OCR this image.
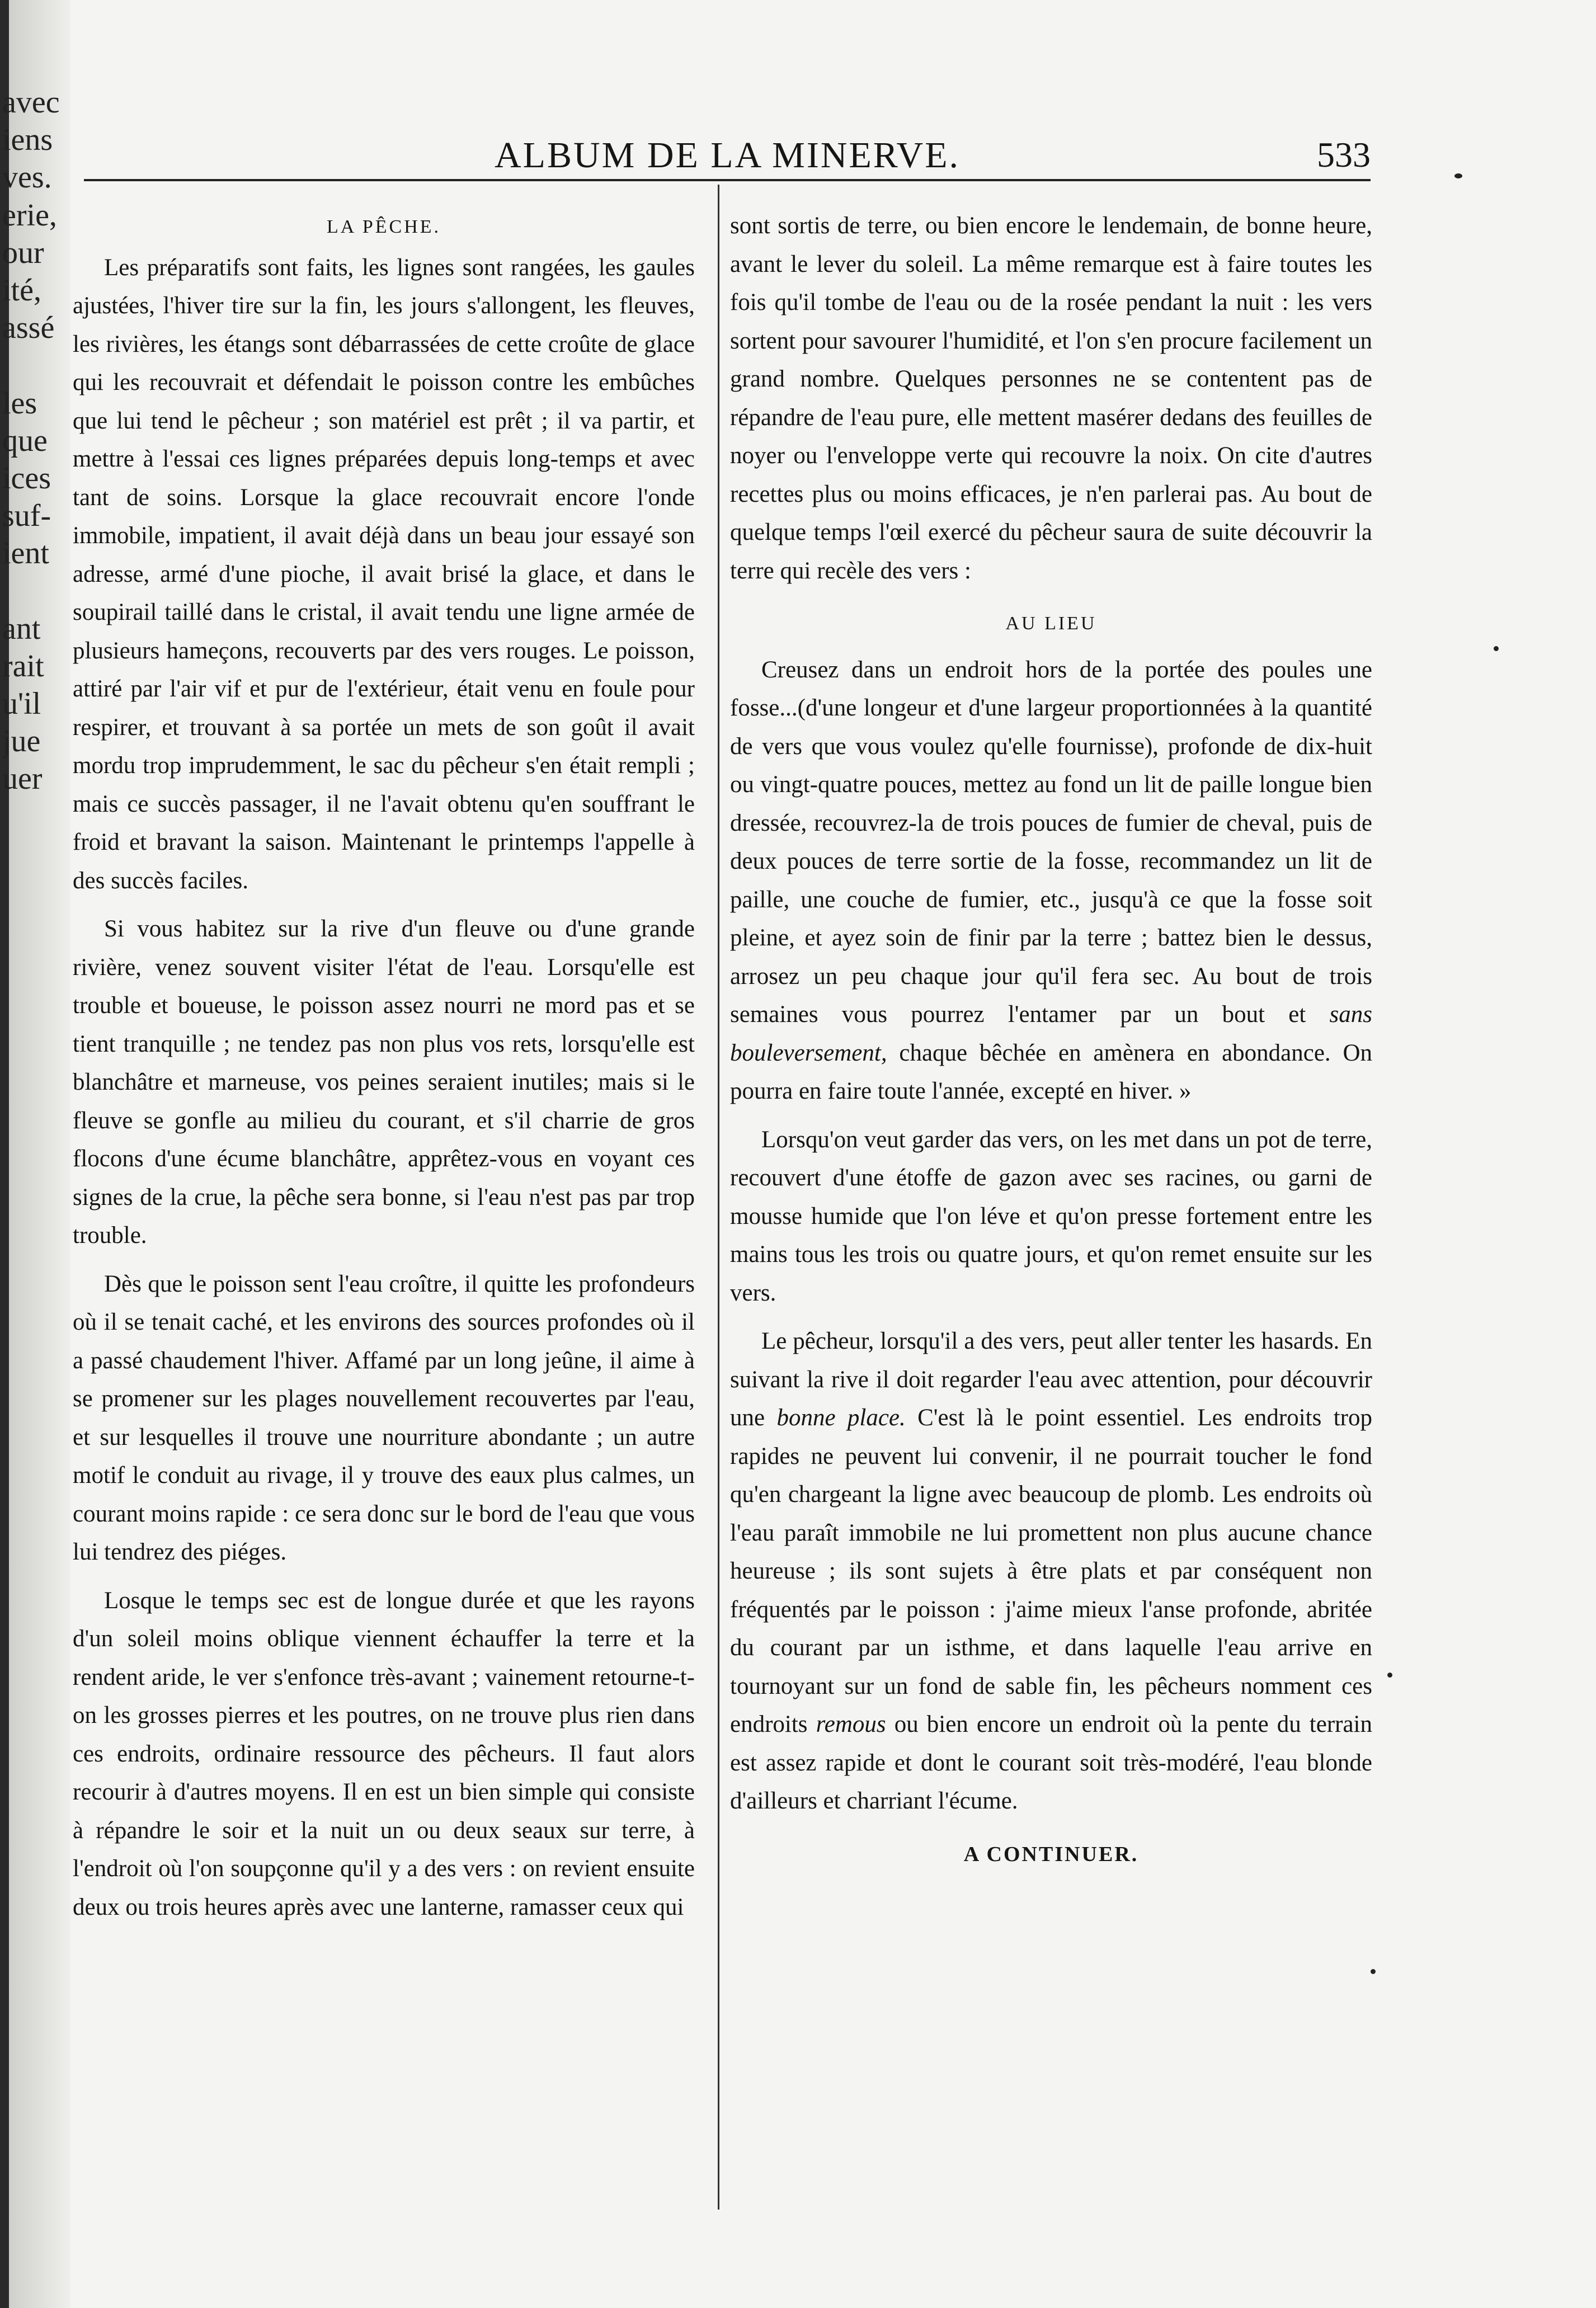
avec
iens
ves.
erie,
our
ité,
assé

les
que
ices
suf-
ient

ant
rait
u'il
jue
uer
ALBUM DE LA MINERVE.	533
LA PÊCHE.

Les préparatifs sont faits, les lignes sont rangées, les gaules ajustées, l'hiver tire sur la fin, les jours s'allongent, les fleuves, les rivières, les étangs sont débarrassées de cette croûte de glace qui les recouvrait et défendait le poisson contre les embûches que lui tend le pêcheur ; son matériel est prêt ; il va partir, et mettre à l'essai ces lignes préparées depuis long-temps et avec tant de soins. Lorsque la glace recouvrait encore l'onde immobile, impatient, il avait déjà dans un beau jour essayé son adresse, armé d'une pioche, il avait brisé la glace, et dans le soupirail taillé dans le cristal, il avait tendu une ligne armée de plusieurs hameçons, recouverts par des vers rouges. Le poisson, attiré par l'air vif et pur de l'extérieur, était venu en foule pour respirer, et trouvant à sa portée un mets de son goût il avait mordu trop imprudemment, le sac du pêcheur s'en était rempli ; mais ce succès passager, il ne l'avait obtenu qu'en souffrant le froid et bravant la saison. Maintenant le printemps l'appelle à des succès faciles.

Si vous habitez sur la rive d'un fleuve ou d'une grande rivière, venez souvent visiter l'état de l'eau. Lorsqu'elle est trouble et boueuse, le poisson assez nourri ne mord pas et se tient tranquille ; ne tendez pas non plus vos rets, lorsqu'elle est blanchâtre et marneuse, vos peines seraient inutiles; mais si le fleuve se gonfle au milieu du courant, et s'il charrie de gros flocons d'une écume blanchâtre, apprêtez-vous en voyant ces signes de la crue, la pêche sera bonne, si l'eau n'est pas par trop trouble.

Dès que le poisson sent l'eau croître, il quitte les profondeurs où il se tenait caché, et les environs des sources profondes où il a passé chaudement l'hiver. Affamé par un long jeûne, il aime à se promener sur les plages nouvellement recouvertes par l'eau, et sur lesquelles il trouve une nourriture abondante ; un autre motif le conduit au rivage, il y trouve des eaux plus calmes, un courant moins rapide : ce sera donc sur le bord de l'eau que vous lui tendrez des piéges.

Losque le temps sec est de longue durée et que les rayons d'un soleil moins oblique viennent échauffer la terre et la rendent aride, le ver s'enfonce très-avant ; vainement retourne-t-on les grosses pierres et les poutres, on ne trouve plus rien dans ces endroits, ordinaire ressource des pêcheurs. Il faut alors recourir à d'autres moyens. Il en est un bien simple qui consiste à répandre le soir et la nuit un ou deux seaux sur terre, à l'endroit où l'on soupçonne qu'il y a des vers : on revient ensuite deux ou trois heures après avec une lanterne, ramasser ceux qui

sont sortis de terre, ou bien encore le lendemain, de bonne heure, avant le lever du soleil. La même remarque est à faire toutes les fois qu'il tombe de l'eau ou de la rosée pendant la nuit : les vers sortent pour savourer l'humidité, et l'on s'en procure facilement un grand nombre. Quelques personnes ne se contentent pas de répandre de l'eau pure, elle mettent masérer dedans des feuilles de noyer ou l'enveloppe verte qui recouvre la noix. On cite d'autres recettes plus ou moins efficaces, je n'en parlerai pas. Au bout de quelque temps l'œil exercé du pêcheur saura de suite découvrir la terre qui recèle des vers :

AU LIEU

Creusez dans un endroit hors de la portée des poules une fosse...(d'une longeur et d'une largeur proportionnées à la quantité de vers que vous voulez qu'elle fournisse), profonde de dix-huit ou vingt-quatre pouces, mettez au fond un lit de paille longue bien dressée, recouvrez-la de trois pouces de fumier de cheval, puis de deux pouces de terre sortie de la fosse, recommandez un lit de paille, une couche de fumier, etc., jusqu'à ce que la fosse soit pleine, et ayez soin de finir par la terre ; battez bien le dessus, arrosez un peu chaque jour qu'il fera sec. Au bout de trois semaines vous pourrez l'entamer par un bout et sans bouleversement, chaque bêchée en amènera en abondance. On pourra en faire toute l'année, excepté en hiver. »

Lorsqu'on veut garder das vers, on les met dans un pot de terre, recouvert d'une étoffe de gazon avec ses racines, ou garni de mousse humide que l'on léve et qu'on presse fortement entre les mains tous les trois ou quatre jours, et qu'on remet ensuite sur les vers.

Le pêcheur, lorsqu'il a des vers, peut aller tenter les hasards. En suivant la rive il doit regarder l'eau avec attention, pour découvrir une bonne place. C'est là le point essentiel. Les endroits trop rapides ne peuvent lui convenir, il ne pourrait toucher le fond qu'en chargeant la ligne avec beaucoup de plomb. Les endroits où l'eau paraît immobile ne lui promettent non plus aucune chance heureuse ; ils sont sujets à être plats et par conséquent non fréquentés par le poisson : j'aime mieux l'anse profonde, abritée du courant par un isthme, et dans laquelle l'eau arrive en tournoyant sur un fond de sable fin, les pêcheurs nomment ces endroits remous ou bien encore un endroit où la pente du terrain est assez rapide et dont le courant soit très-modéré, l'eau blonde d'ailleurs et charriant l'écume.

A CONTINUER.
